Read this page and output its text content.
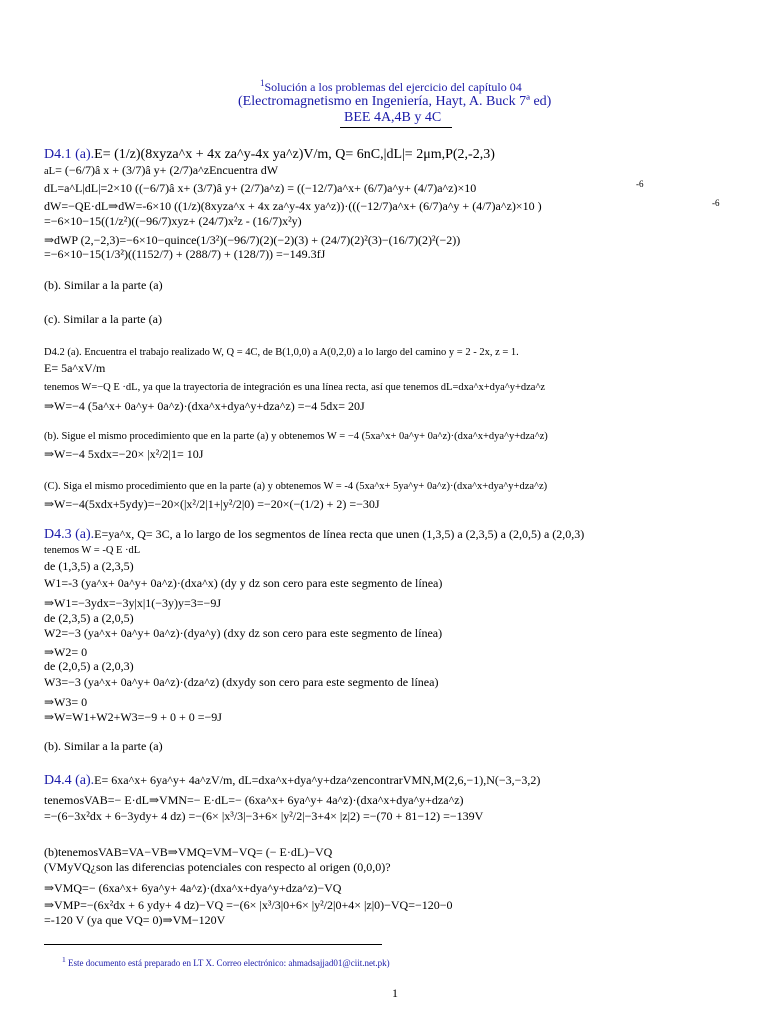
$^1$Solución a los problemas del ejercicio del capítulo 04
(Electromagnetismo en Ingeniería, Hayt, A. Buck 7ª ed)
BEE 4A,4B y 4C
D4.1 (a).E= (1/z)(8xyza^x + 4x za^y-4x ya^z)V/m, Q= 6nC,|dL|= 2μm,P(2,-2,3)
aL= (−6/7)â x + (3/7)â y+ (2/7)a^zEncuentra dW
dL=a^L|dL|=2×10 ((−6/7)â x+ (3/7)â y+ (2/7)a^z) = ((−12/7)a^x+ (6/7)a^y+ (4/7)a^z)×10	-6
dW=−QE·dL⇒dW=-6×10 ((1/z)(8xyza^x + 4x za^y-4x ya^z))·(((−12/7)a^x+ (6/7)a^y + (4/7)a^z)×10 )	-6
=−6×10−15((1/z²)((−96/7)xyz+ (24/7)x²z - (16/7)x²y)
⇒dWP (2,−2,3)=−6×10−quince(1/3²)(−96/7)(2)(−2)(3) + (24/7)(2)²(3)−(16/7)(2)²(−2))
=−6×10−15(1/3²)((1152/7) + (288/7) + (128/7)) =−149.3fJ
(b). Similar a la parte (a)
(c). Similar a la parte (a)
D4.2 (a). Encuentra el trabajo realizado W, Q = 4C, de B(1,0,0) a A(0,2,0) a lo largo del camino y = 2 - 2x, z = 1.
E= 5a^xV/m
tenemos W=−Q E ·dL, ya que la trayectoria de integración es una línea recta, así que tenemos dL=dxa^x+dya^y+dza^z
⇒W=−4 (5a^x+ 0a^y+ 0a^z)·(dxa^x+dya^y+dza^z) =−4 5dx= 20J
(b). Sigue el mismo procedimiento que en la parte (a) y obtenemos W = −4 (5xa^x+ 0a^y+ 0a^z)·(dxa^x+dya^y+dza^z)
⇒W=−4 5xdx=−20× |x²/2|1= 10J
(C). Siga el mismo procedimiento que en la parte (a) y obtenemos W = -4 (5xa^x+ 5ya^y+ 0a^z)·(dxa^x+dya^y+dza^z)
⇒W=−4(5xdx+5ydy)=−20×(|x²/2|1+|y²/2|0) =−20×(−(1/2) + 2) =−30J
D4.3 (a).E=ya^x, Q= 3C, a lo largo de los segmentos de línea recta que unen (1,3,5) a (2,3,5) a (2,0,5) a (2,0,3)
tenemos W = -Q E ·dL
de (1,3,5) a (2,3,5)
W1=-3 (ya^x+ 0a^y+ 0a^z)·(dxa^x) (dy y dz son cero para este segmento de línea)
⇒W1=−3ydx=−3y|x|1(−3y)y=3=−9J
de (2,3,5) a (2,0,5)
W2=−3 (ya^x+ 0a^y+ 0a^z)·(dya^y) (dxy dz son cero para este segmento de línea)
⇒W2= 0
de (2,0,5) a (2,0,3)
W3=−3 (ya^x+ 0a^y+ 0a^z)·(dza^z) (dxydy son cero para este segmento de línea)
⇒W3= 0
⇒W=W1+W2+W3=−9 + 0 + 0 =−9J
(b). Similar a la parte (a)
D4.4 (a).E= 6xa^x+ 6ya^y+ 4a^zV/m, dL=dxa^x+dya^y+dza^zencontrarVMN,M(2,6,−1),N(−3,−3,2)
tenemosVAB=− E·dL⇒VMN=− E·dL=− (6xa^x+ 6ya^y+ 4a^z)·(dxa^x+dya^y+dza^z)
=−(6−3x²dx + 6−3ydy+ 4 dz) =−(6× |x³/3|−3+6× |y²/2|−3+4× |z|2) =−(70 + 81−12) =−139V
(b)tenemosVAB=VA−VB⇒VMQ=VM−VQ= (− E·dL)−VQ
(VMyVQ¿son las diferencias potenciales con respecto al origen (0,0,0)?
⇒VMQ=− (6xa^x+ 6ya^y+ 4a^z)·(dxa^x+dya^y+dza^z)−VQ
⇒VMP=−(6x²dx + 6 ydy+ 4 dz)−VQ =−(6× |x³/3|0+6× |y²/2|0+4× |z|0)−VQ=−120−0
=-120 V (ya que VQ= 0)⇒VM−120V
$^1$ Este documento está preparado en LT X. Correo electrónico: ahmadsajjad01@ciit.net.pk)
1
